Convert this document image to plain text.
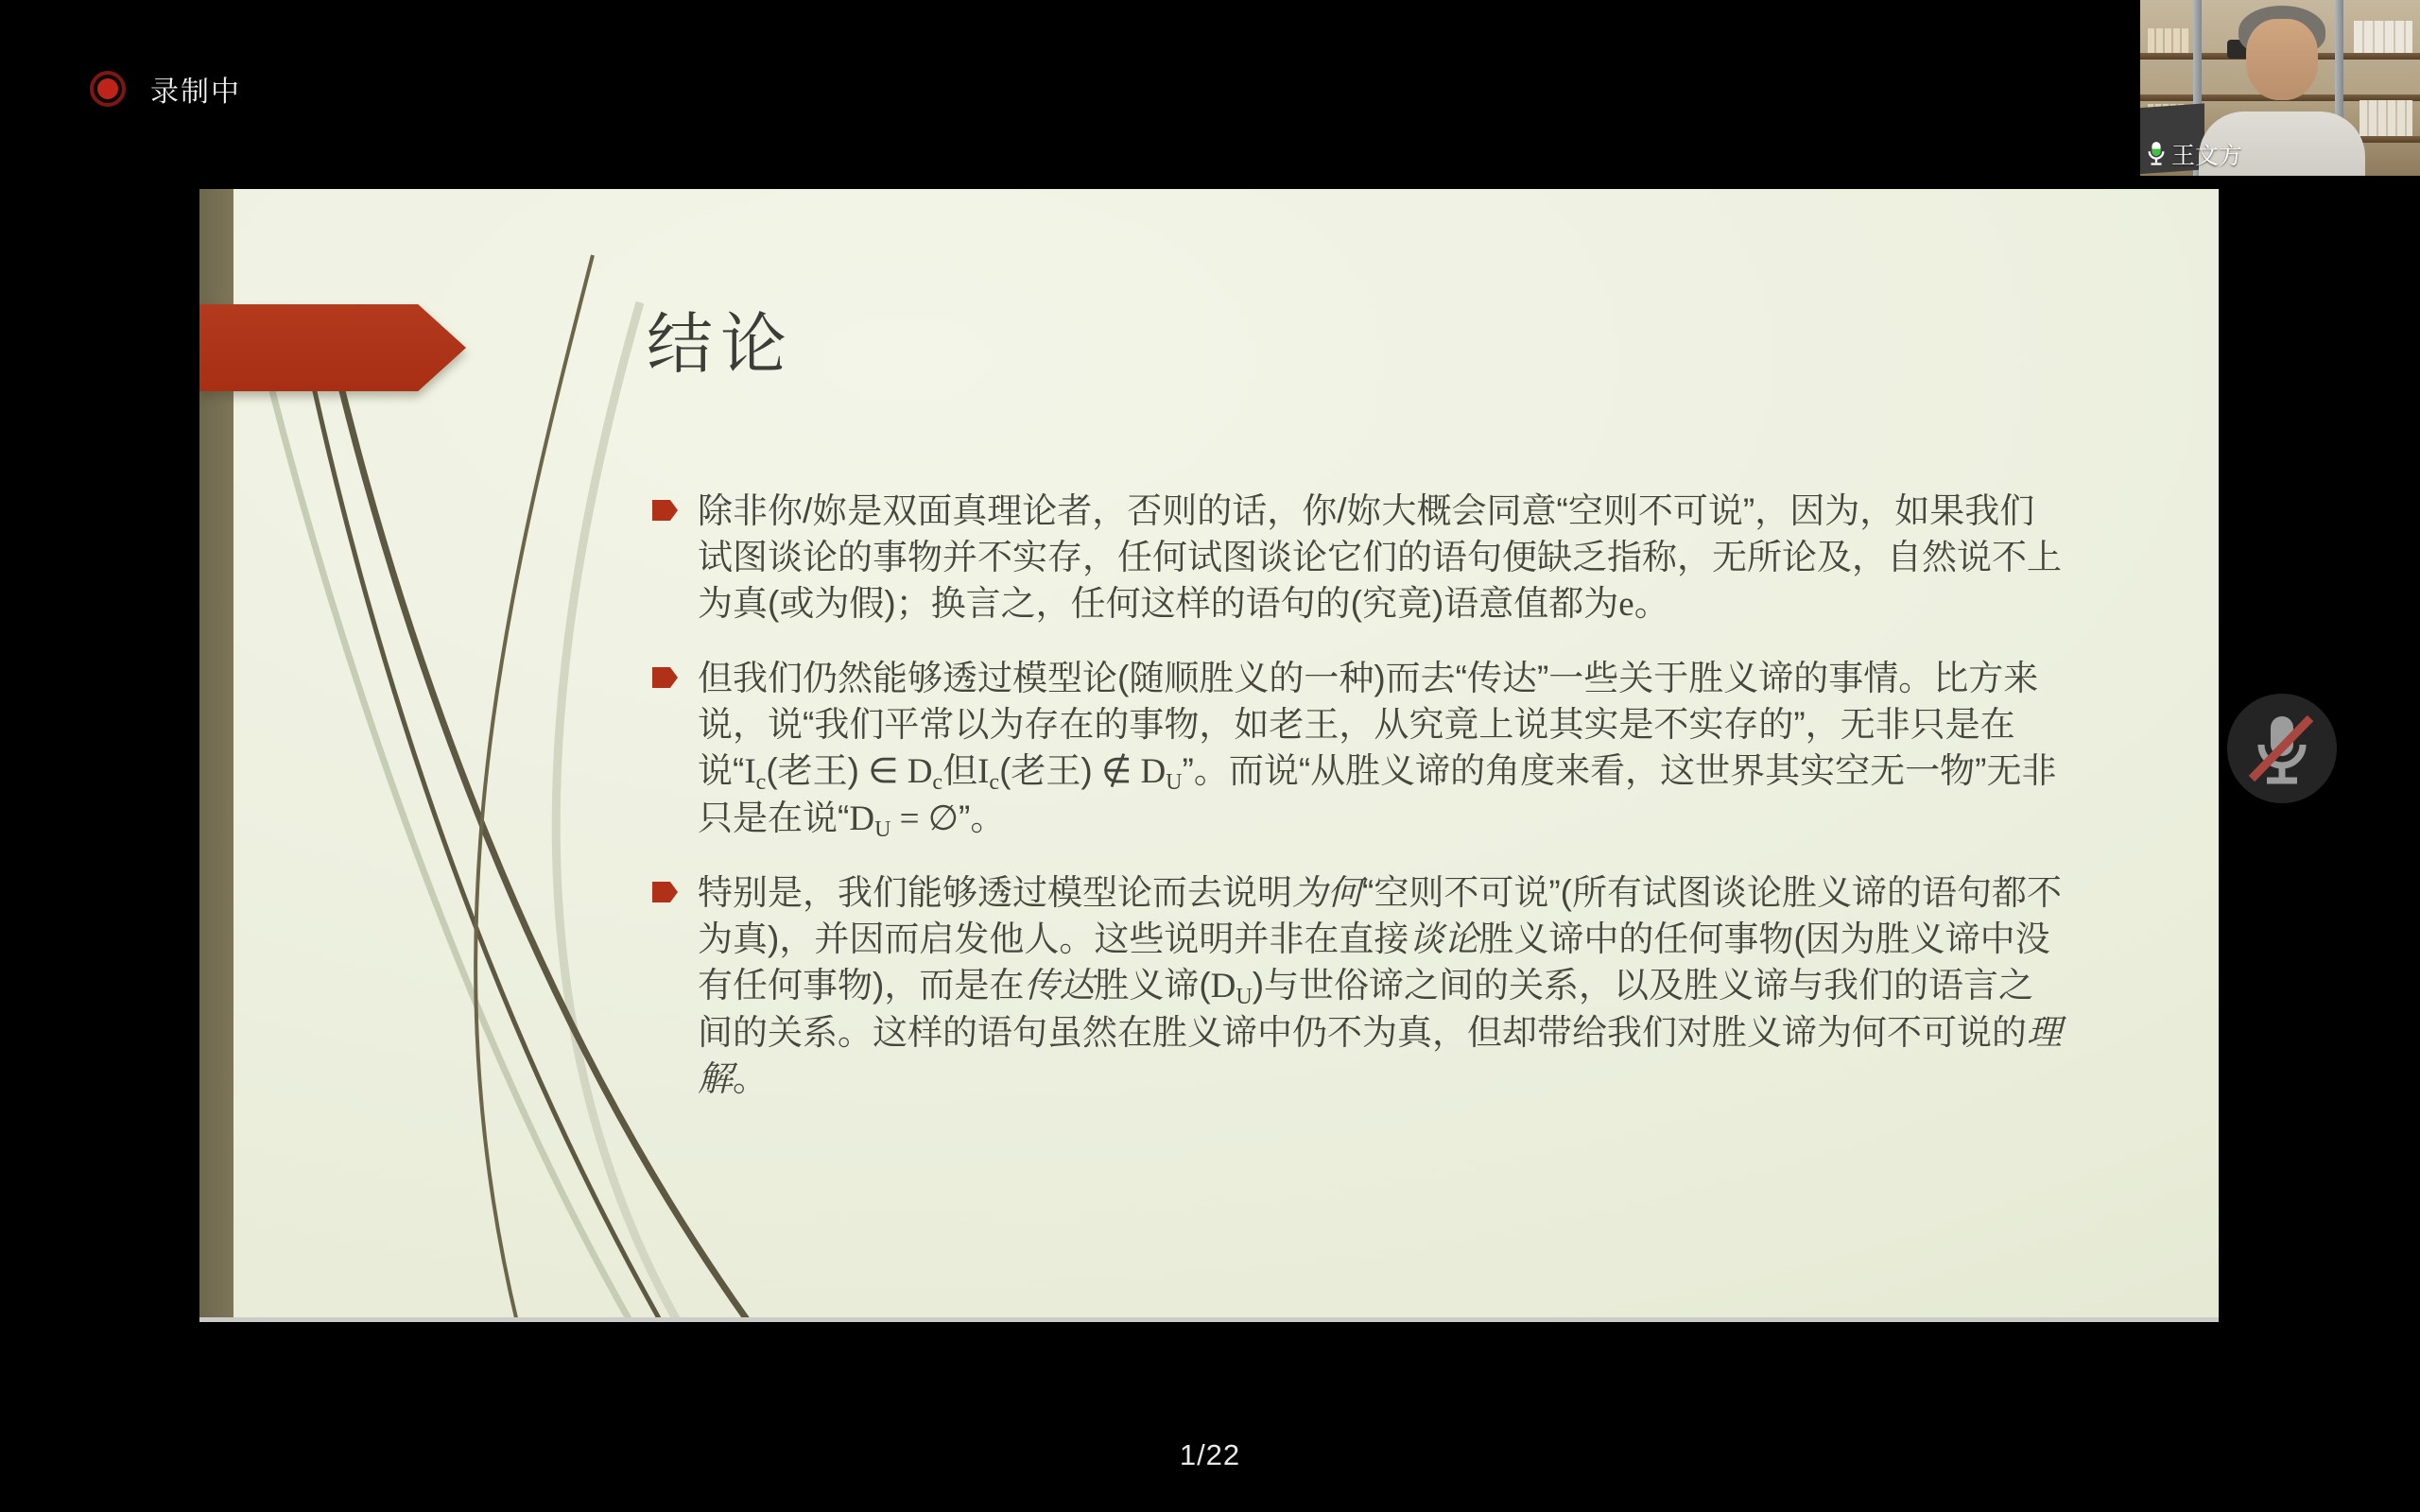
录制中
王文方
结论
除非你/妳是双面真理论者，否则的话，你/妳大概会同意“空则不可说”，因为，如果我们试图谈论的事物并不实存，任何试图谈论它们的语句便缺乏指称，无所论及，自然说不上为真(或为假)；换言之，任何这样的语句的(究竟)语意值都为e。
但我们仍然能够透过模型论(随顺胜义的一种)而去“传达”一些关于胜义谛的事情。比方来说，说“我们平常以为存在的事物，如老王，从究竟上说其实是不实存的”，无非只是在说“$I_c$(老王) ∈ $D_c$但$I_c$(老王) ∉ $D_U$”。而说“从胜义谛的角度来看，这世界其实空无一物”无非只是在说“$D_U$ = ∅”。
特别是，我们能够透过模型论而去说明为何“空则不可说”(所有试图谈论胜义谛的语句都不为真)，并因而启发他人。这些说明并非在直接谈论胜义谛中的任何事物(因为胜义谛中没有任何事物)，而是在传达胜义谛$(D_U)$与世俗谛之间的关系，以及胜义谛与我们的语言之间的关系。这样的语句虽然在胜义谛中仍不为真，但却带给我们对胜义谛为何不可说的理解。
1/22
